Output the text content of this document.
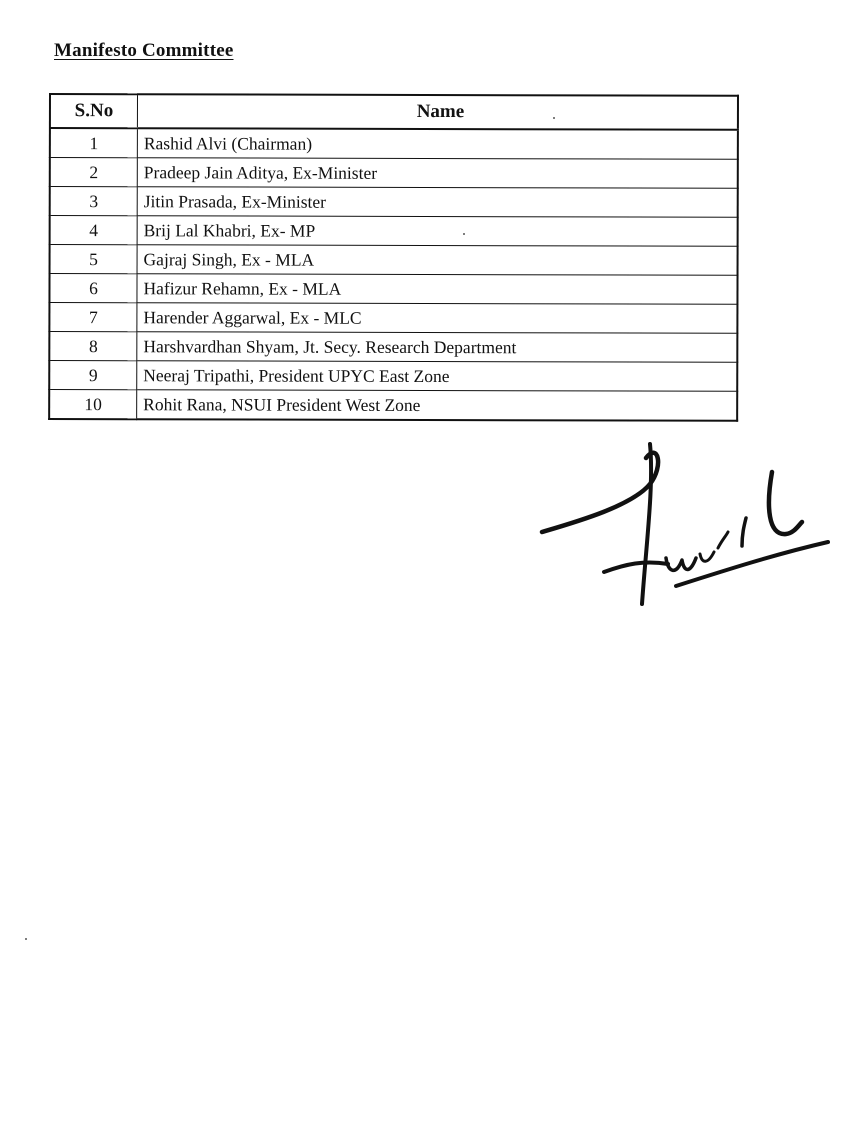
Manifesto Committee
S.No	Name
1	Rashid Alvi (Chairman)
2	Pradeep Jain Aditya, Ex-Minister
3	Jitin Prasada, Ex-Minister
4	Brij Lal Khabri, Ex- MP
5	Gajraj Singh, Ex - MLA
6	Hafizur Rehamn, Ex - MLA
7	Harender Aggarwal, Ex - MLC
8	Harshvardhan Shyam, Jt. Secy. Research Department
9	Neeraj Tripathi, President UPYC East Zone
10	Rohit Rana, NSUI President West Zone
